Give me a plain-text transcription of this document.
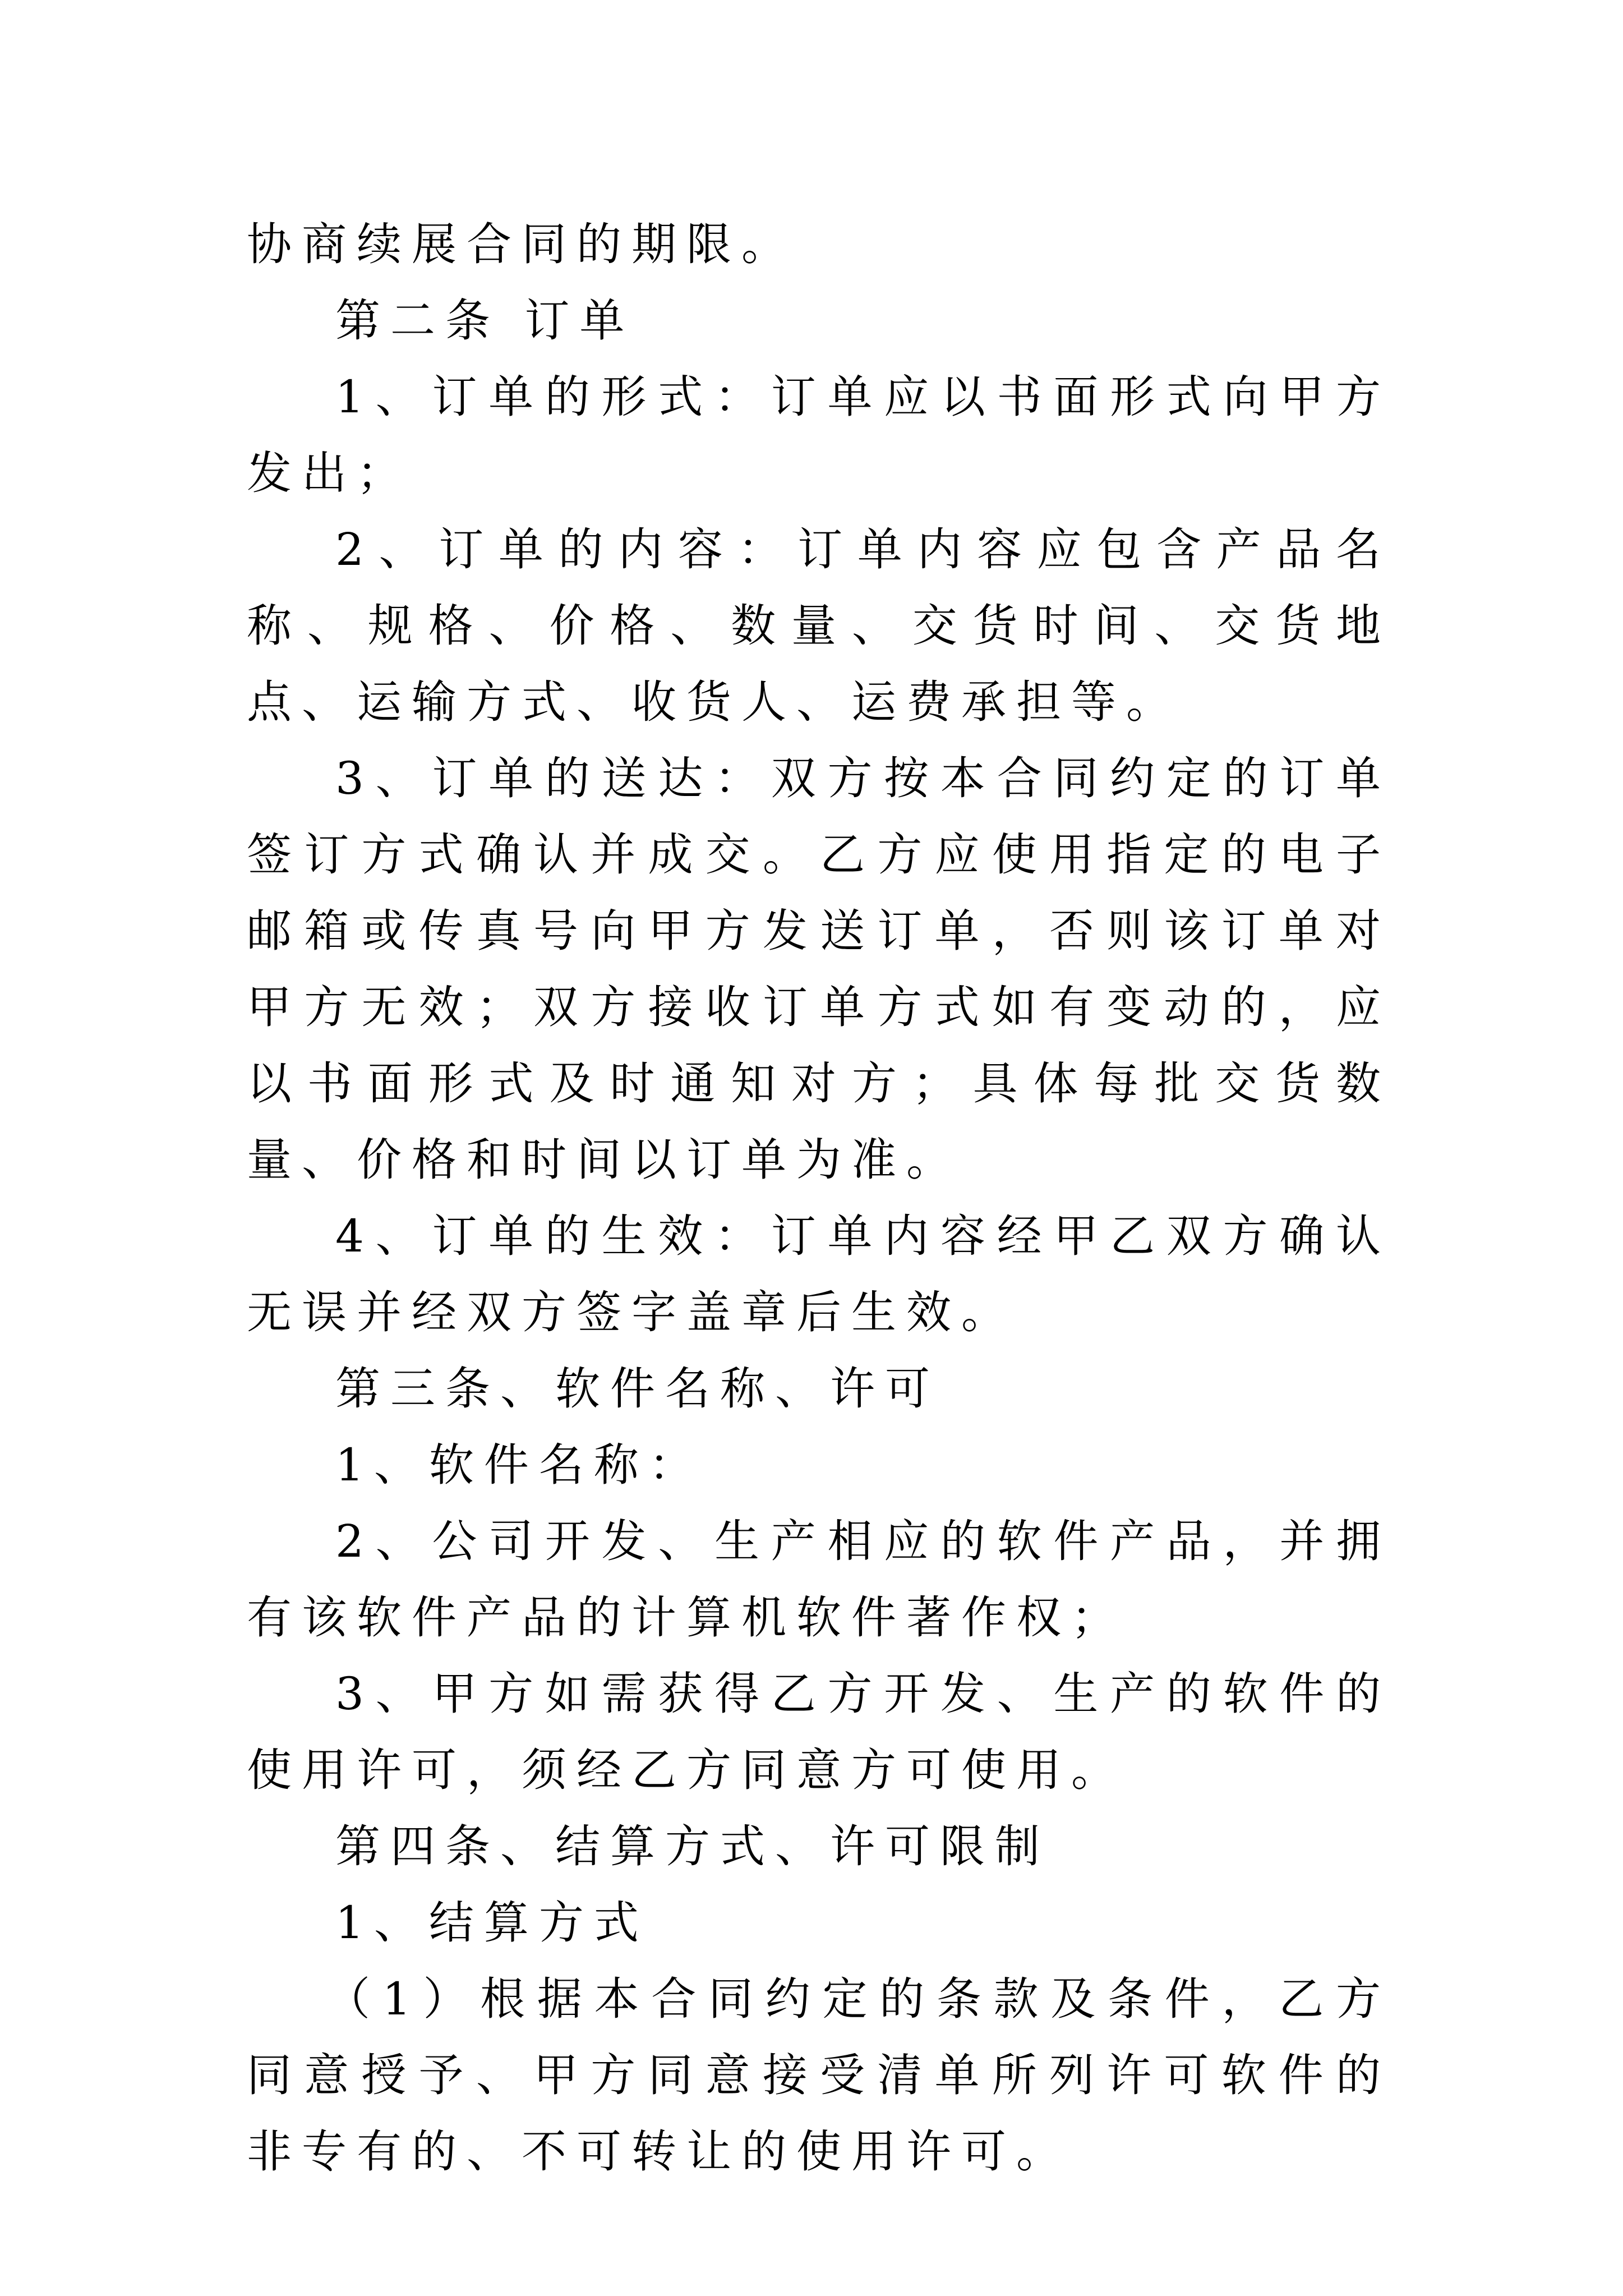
协商续展合同的期限。

第二条 订单

1、订单的形式：订单应以书面形式向甲方发出；

2、订单的内容：订单内容应包含产品名称、规格、价格、数量、交货时间、交货地点、运输方式、收货人、运费承担等。

3、订单的送达：双方按本合同约定的订单签订方式确认并成交。乙方应使用指定的电子邮箱或传真号向甲方发送订单，否则该订单对甲方无效；双方接收订单方式如有变动的，应以书面形式及时通知对方；具体每批交货数量、价格和时间以订单为准。

4、订单的生效：订单内容经甲乙双方确认无误并经双方签字盖章后生效。

第三条、软件名称、许可

1、软件名称：

2、公司开发、生产相应的软件产品，并拥有该软件产品的计算机软件著作权；

3、甲方如需获得乙方开发、生产的软件的使用许可，须经乙方同意方可使用。

第四条、结算方式、许可限制

1、结算方式

（1）根据本合同约定的条款及条件，乙方同意授予、甲方同意接受清单所列许可软件的非专有的、不可转让的使用许可。
